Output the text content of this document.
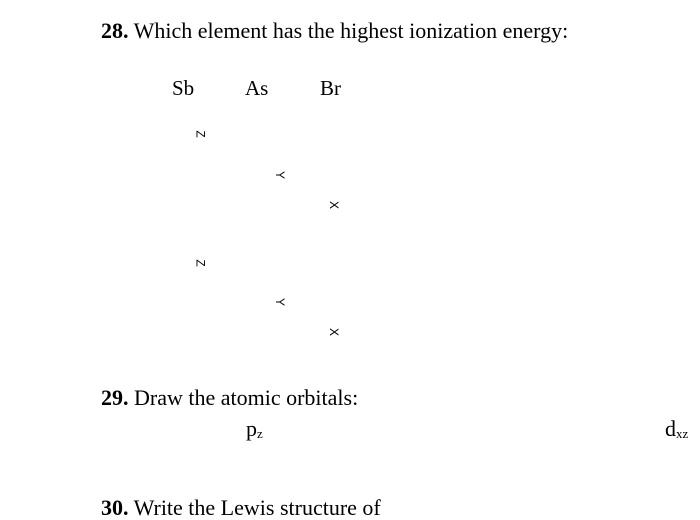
28. Which element has the highest ionization energy:
Sb As Br
Z
Y
X
Z
Y
X
29. Draw the atomic orbitals:
$p_z$	$d_{xz}$
30. Write the Lewis structure of
